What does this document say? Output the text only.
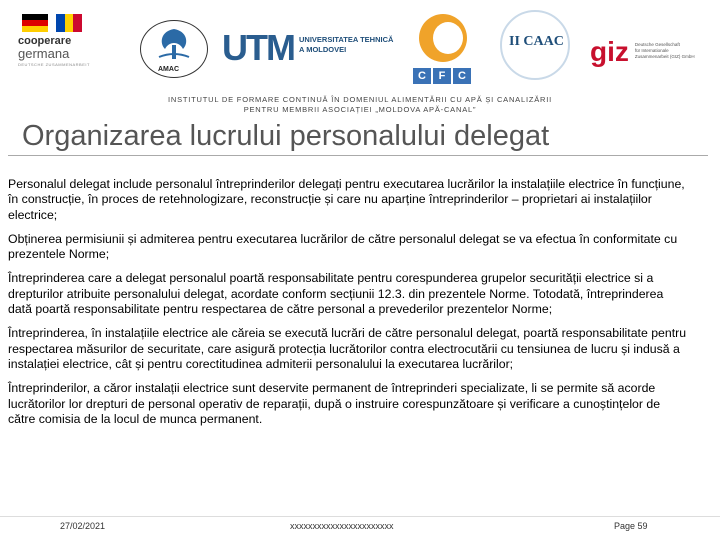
cooperare
germana
DEUTSCHE ZUSAMMENARBEIT
AMAC
UTM UNIVERSITATEA TEHNICĂ
A MOLDOVEI
C	F	C
II CAAC giz Deutsche Gesellschaft
für Internationale
Zusammenarbeit (GIZ) GmbH
INSTITUTUL DE FORMARE CONTINUĂ ÎN DOMENIUL ALIMENTĂRII CU APĂ ȘI CANALIZĂRII
PENTRU MEMBRII ASOCIAȚIEI „MOLDOVA APĂ-CANAL”
Organizarea lucrului personalului delegat

Personalul delegat include personalul întreprinderilor delegați pentru executarea lucrărilor la instalațiile electrice în funcțiune, în construcție, în proces de retehnologizare, reconstrucție și care nu aparține întreprinderilor – proprietari ai instalațiilor electrice;

Obținerea permisiunii și admiterea pentru executarea lucrărilor de către personalul delegat se va efectua în conformitate cu prezentele Norme;

Întreprinderea care a delegat personalul poartă responsabilitate pentru corespunderea grupelor securității electrice si a drepturilor atribuite personalului delegat, acordate conform secțiunii 12.3. din prezentele Norme. Totodată, întreprinderea dată poartă responsabilitate pentru respectarea de către personal a prevederilor prezentelor Norme;

Întreprinderea, în instalațiile electrice ale căreia se execută lucrări de către personalul delegat, poartă responsabilitate pentru respectarea măsurilor de securitate, care asigură protecția lucrătorilor contra electrocutării cu tensiunea de lucru și indusă a instalației electrice, cât și pentru corectitudinea admiterii personalului la executarea lucrărilor;

Întreprinderilor, a căror instalații electrice sunt deservite permanent de întreprinderi specializate, li se permite să acorde lucrătorilor lor drepturi de personal operativ de reparații, după o instruire corespunzătoare și verificare a cunoștințelor de către comisia de la locul de munca permanent.

27/02/2021	xxxxxxxxxxxxxxxxxxxxxxx	Page 59
